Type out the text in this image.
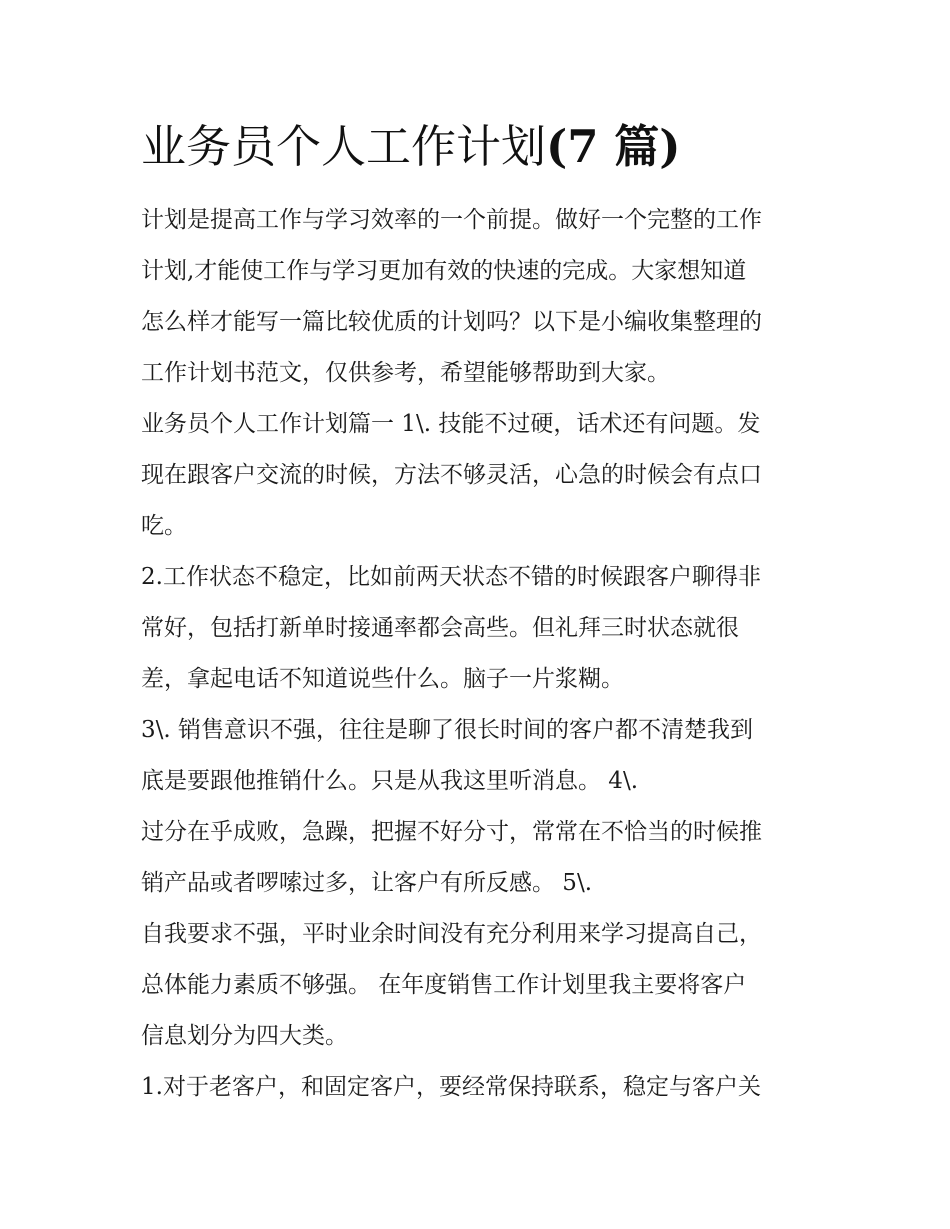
业务员个人工作计划(7 篇)
计划是提高工作与学习效率的一个前提。做好一个完整的工作
计划,才能使工作与学习更加有效的快速的完成。大家想知道
怎么样才能写一篇比较优质的计划吗？以下是小编收集整理的
工作计划书范文，仅供参考，希望能够帮助到大家。
业务员个人工作计划篇一 1\. 技能不过硬，话术还有问题。发
现在跟客户交流的时候，方法不够灵活，心急的时候会有点口
吃。
2.工作状态不稳定，比如前两天状态不错的时候跟客户聊得非
常好，包括打新单时接通率都会高些。但礼拜三时状态就很
差，拿起电话不知道说些什么。脑子一片浆糊。
3\. 销售意识不强，往往是聊了很长时间的客户都不清楚我到
底是要跟他推销什么。只是从我这里听消息。 4\.
过分在乎成败，急躁，把握不好分寸，常常在不恰当的时候推
销产品或者啰嗦过多，让客户有所反感。 5\.
自我要求不强，平时业余时间没有充分利用来学习提高自己，
总体能力素质不够强。 在年度销售工作计划里我主要将客户
信息划分为四大类。
1.对于老客户，和固定客户，要经常保持联系，稳定与客户关
